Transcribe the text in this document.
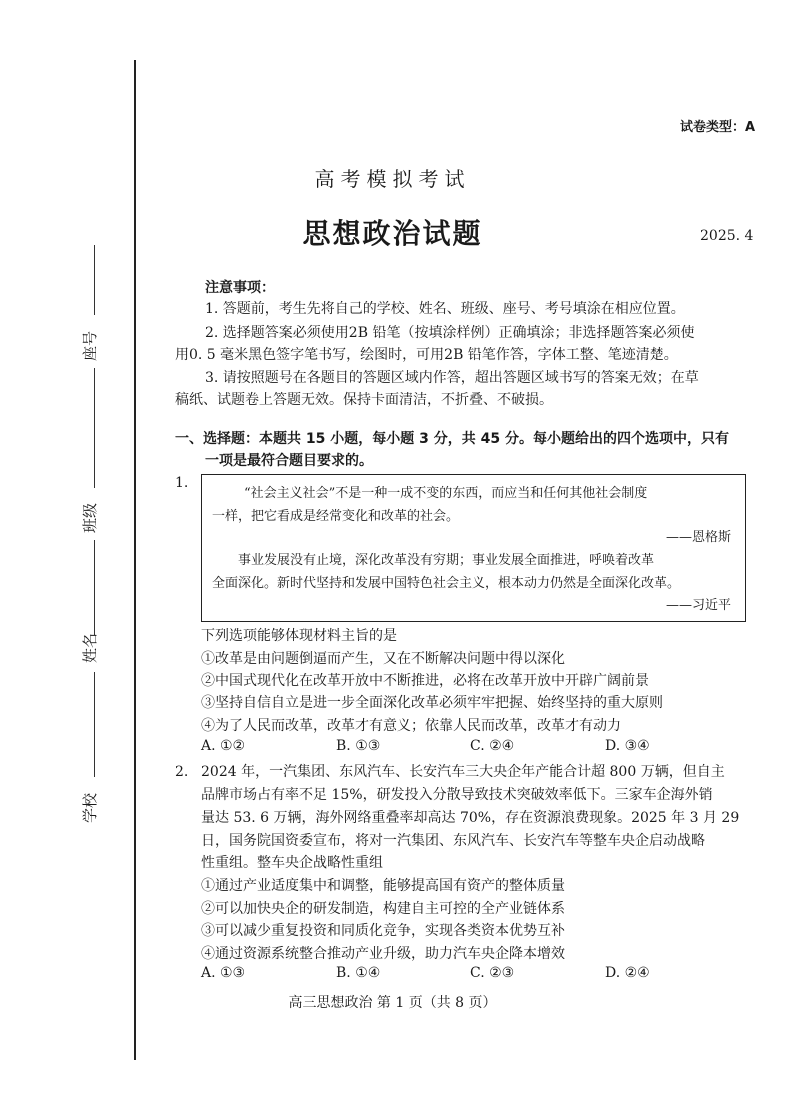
座号
班级
姓名
学校
试卷类型：A
高考模拟考试
思想政治试题	2025. 4
注意事项：
1. 答题前，考生先将自己的学校、姓名、班级、座号、考号填涂在相应位置。
2. 选择题答案必须使用2B 铅笔（按填涂样例）正确填涂；非选择题答案必须使
用0. 5 毫米黑色签字笔书写，绘图时，可用2B 铅笔作答，字体工整、笔迹清楚。
3. 请按照题号在各题目的答题区域内作答，超出答题区域书写的答案无效；在草
稿纸、试题卷上答题无效。保持卡面清洁，不折叠、不破损。
一、选择题：本题共 15 小题，每小题 3 分，共 45 分。每小题给出的四个选项中，只有
一项是最符合题目要求的。
1.
“社会主义社会”不是一种一成不变的东西，而应当和任何其他社会制度
一样，把它看成是经常变化和改革的社会。
——恩格斯
事业发展没有止境，深化改革没有穷期；事业发展全面推进，呼唤着改革
全面深化。新时代坚持和发展中国特色社会主义，根本动力仍然是全面深化改革。
——习近平
下列选项能够体现材料主旨的是
①改革是由问题倒逼而产生，又在不断解决问题中得以深化
②中国式现代化在改革开放中不断推进，必将在改革开放中开辟广阔前景
③坚持自信自立是进一步全面深化改革必须牢牢把握、始终坚持的重大原则
④为了人民而改革，改革才有意义；依靠人民而改革，改革才有动力
A. ①②	B. ①③	C. ②④	D. ③④
2. 2024 年，一汽集团、东风汽车、长安汽车三大央企年产能合计超 800 万辆，但自主
品牌市场占有率不足 15%，研发投入分散导致技术突破效率低下。三家车企海外销
量达 53. 6 万辆，海外网络重叠率却高达 70%，存在资源浪费现象。2025 年 3 月 29
日，国务院国资委宣布，将对一汽集团、东风汽车、长安汽车等整车央企启动战略
性重组。整车央企战略性重组
①通过产业适度集中和调整，能够提高国有资产的整体质量
②可以加快央企的研发制造，构建自主可控的全产业链体系
③可以减少重复投资和同质化竞争，实现各类资本优势互补
④通过资源系统整合推动产业升级，助力汽车央企降本增效
A. ①③	B. ①④	C. ②③	D. ②④
高三思想政治 第 1 页（共 8 页）
